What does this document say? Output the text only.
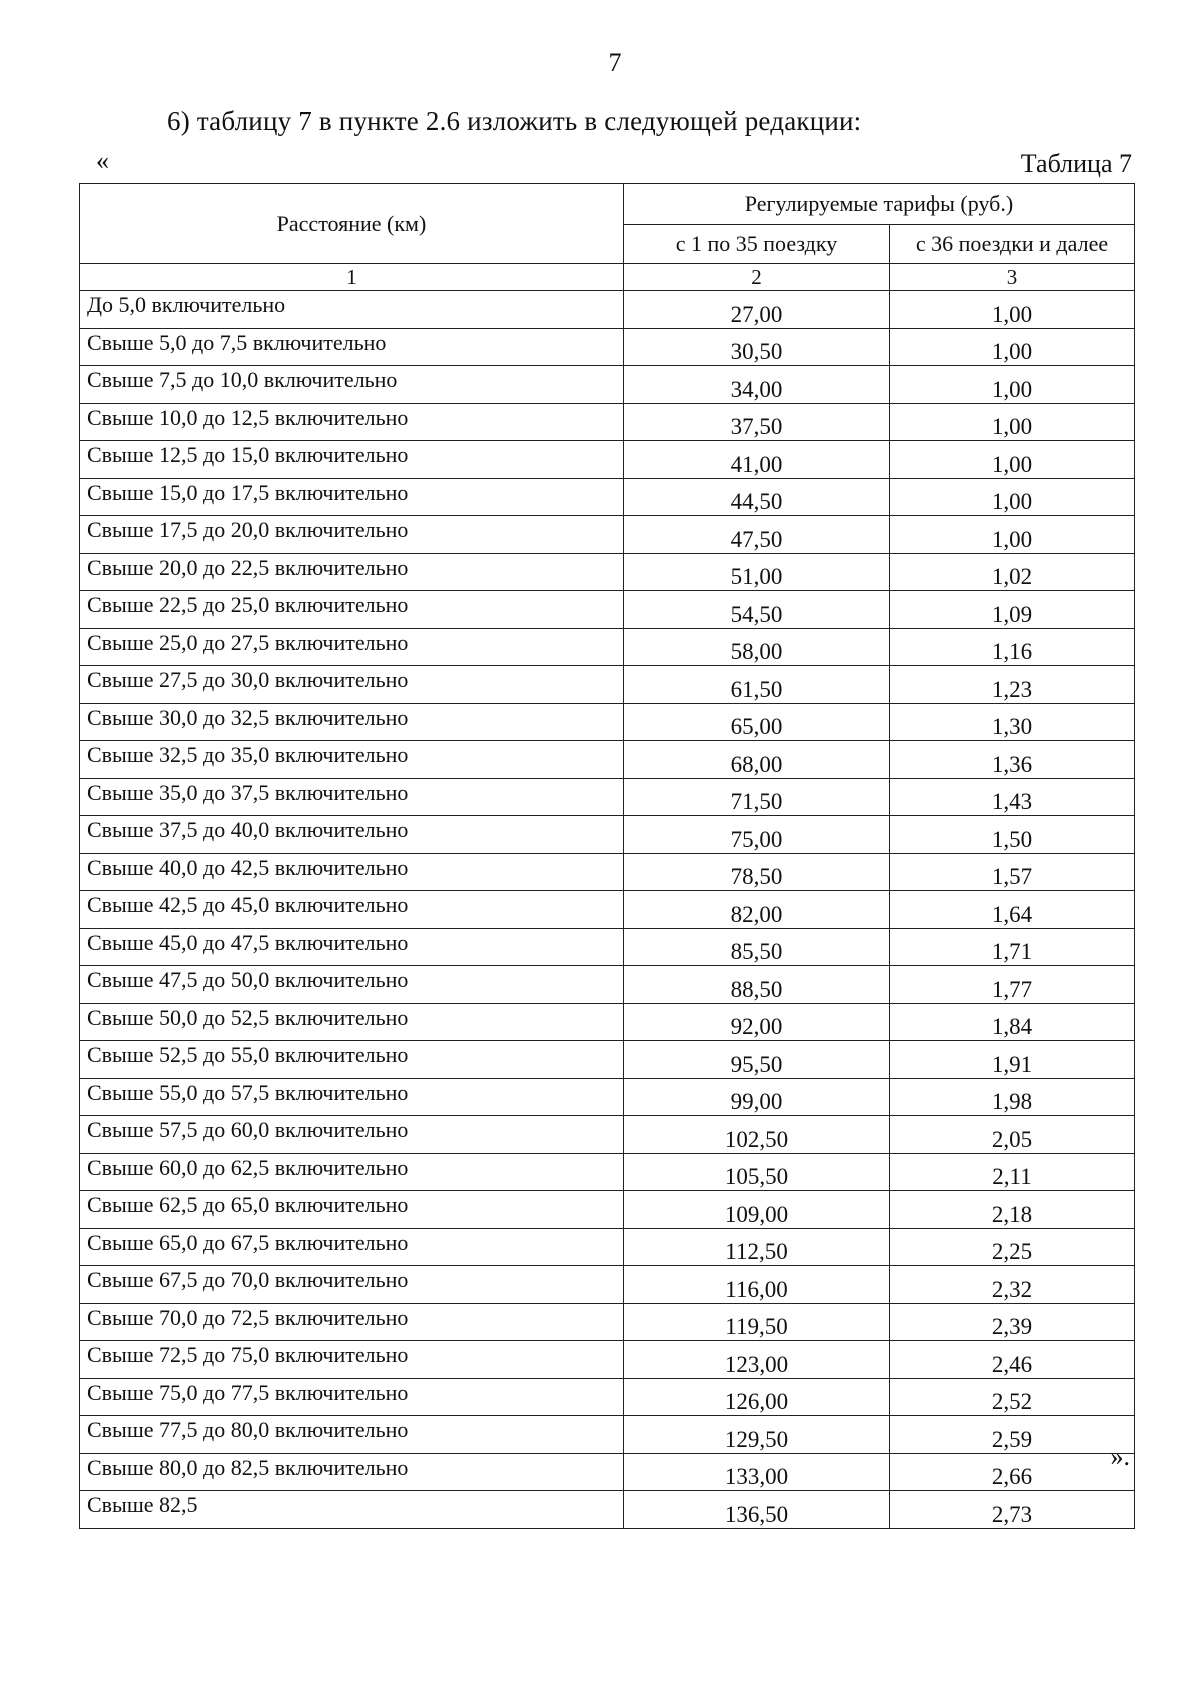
7
6) таблицу 7 в пункте 2.6 изложить в следующей редакции:
«	Таблица 7
Расстояние (км)	Регулируемые тарифы (руб.)	
	с 1 по 35 поездку	с 36 поездки и далее
1	2	3
До 5,0 включительно	27,00	1,00
Свыше 5,0 до 7,5 включительно	30,50	1,00
Свыше 7,5 до 10,0 включительно	34,00	1,00
Свыше 10,0 до 12,5 включительно	37,50	1,00
Свыше 12,5 до 15,0 включительно	41,00	1,00
Свыше 15,0 до 17,5 включительно	44,50	1,00
Свыше 17,5 до 20,0 включительно	47,50	1,00
Свыше 20,0 до 22,5 включительно	51,00	1,02
Свыше 22,5 до 25,0 включительно	54,50	1,09
Свыше 25,0 до 27,5 включительно	58,00	1,16
Свыше 27,5 до 30,0 включительно	61,50	1,23
Свыше 30,0 до 32,5 включительно	65,00	1,30
Свыше 32,5 до 35,0 включительно	68,00	1,36
Свыше 35,0 до 37,5 включительно	71,50	1,43
Свыше 37,5 до 40,0 включительно	75,00	1,50
Свыше 40,0 до 42,5 включительно	78,50	1,57
Свыше 42,5 до 45,0 включительно	82,00	1,64
Свыше 45,0 до 47,5 включительно	85,50	1,71
Свыше 47,5 до 50,0 включительно	88,50	1,77
Свыше 50,0 до 52,5 включительно	92,00	1,84
Свыше 52,5 до 55,0 включительно	95,50	1,91
Свыше 55,0 до 57,5 включительно	99,00	1,98
Свыше 57,5 до 60,0 включительно	102,50	2,05
Свыше 60,0 до 62,5 включительно	105,50	2,11
Свыше 62,5 до 65,0 включительно	109,00	2,18
Свыше 65,0 до 67,5 включительно	112,50	2,25
Свыше 67,5 до 70,0 включительно	116,00	2,32
Свыше 70,0 до 72,5 включительно	119,50	2,39
Свыше 72,5 до 75,0 включительно	123,00	2,46
Свыше 75,0 до 77,5 включительно	126,00	2,52
Свыше 77,5 до 80,0 включительно	129,50	2,59
Свыше 80,0 до 82,5 включительно	133,00	2,66
Свыше 82,5	136,50	2,73
».
